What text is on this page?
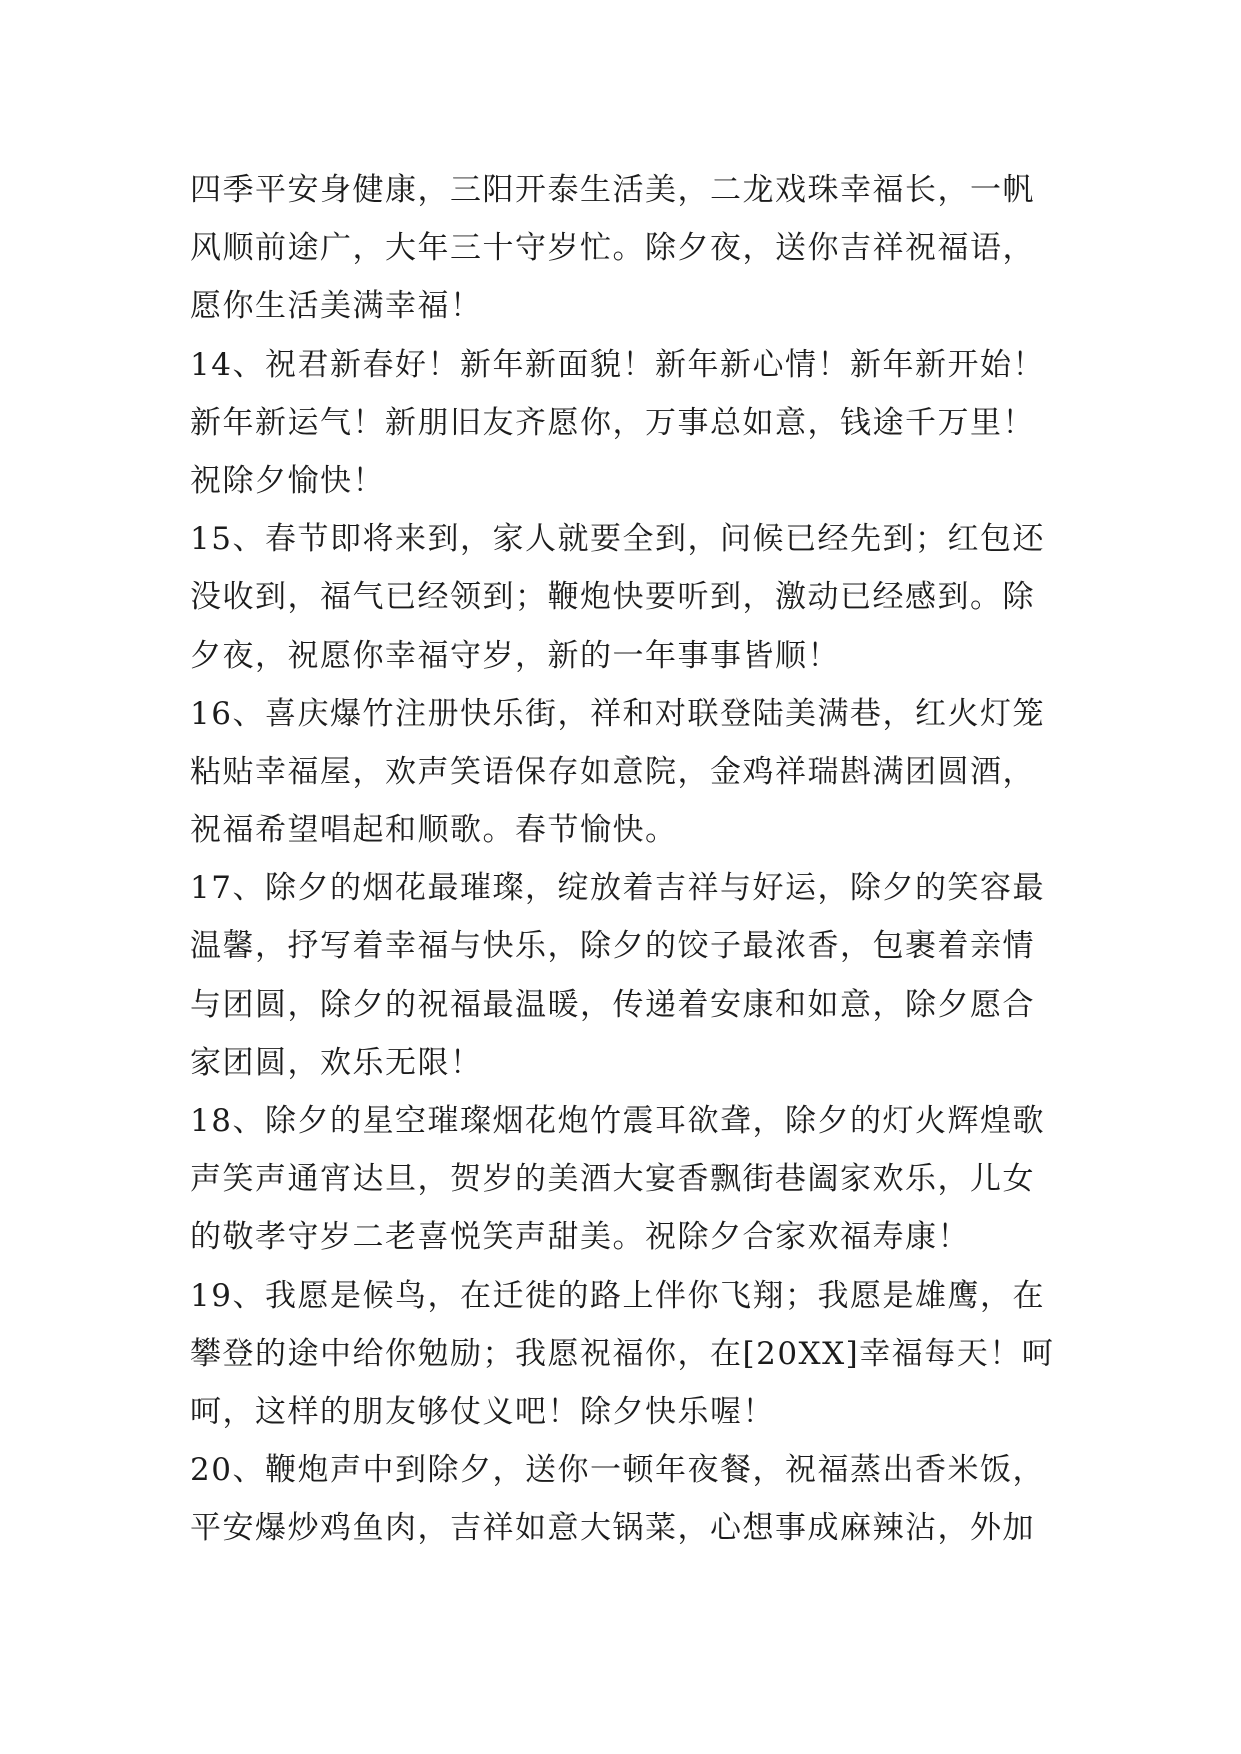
四季平安身健康，三阳开泰生活美，二龙戏珠幸福长，一帆
风顺前途广，大年三十守岁忙。除夕夜，送你吉祥祝福语，
愿你生活美满幸福！
14、祝君新春好！新年新面貌！新年新心情！新年新开始！
新年新运气！新朋旧友齐愿你，万事总如意，钱途千万里！
祝除夕愉快！
15、春节即将来到，家人就要全到，问候已经先到；红包还
没收到，福气已经领到；鞭炮快要听到，激动已经感到。除
夕夜，祝愿你幸福守岁，新的一年事事皆顺！
16、喜庆爆竹注册快乐街，祥和对联登陆美满巷，红火灯笼
粘贴幸福屋，欢声笑语保存如意院，金鸡祥瑞斟满团圆酒，
祝福希望唱起和顺歌。春节愉快。
17、除夕的烟花最璀璨，绽放着吉祥与好运，除夕的笑容最
温馨，抒写着幸福与快乐，除夕的饺子最浓香，包裹着亲情
与团圆，除夕的祝福最温暖，传递着安康和如意，除夕愿合
家团圆，欢乐无限！
18、除夕的星空璀璨烟花炮竹震耳欲聋，除夕的灯火辉煌歌
声笑声通宵达旦，贺岁的美酒大宴香飘街巷阖家欢乐，儿女
的敬孝守岁二老喜悦笑声甜美。祝除夕合家欢福寿康！
19、我愿是候鸟，在迁徙的路上伴你飞翔；我愿是雄鹰，在
攀登的途中给你勉励；我愿祝福你，在[20XX]幸福每天！呵
呵，这样的朋友够仗义吧！除夕快乐喔！
20、鞭炮声中到除夕，送你一顿年夜餐，祝福蒸出香米饭，
平安爆炒鸡鱼肉，吉祥如意大锅菜，心想事成麻辣沾，外加
